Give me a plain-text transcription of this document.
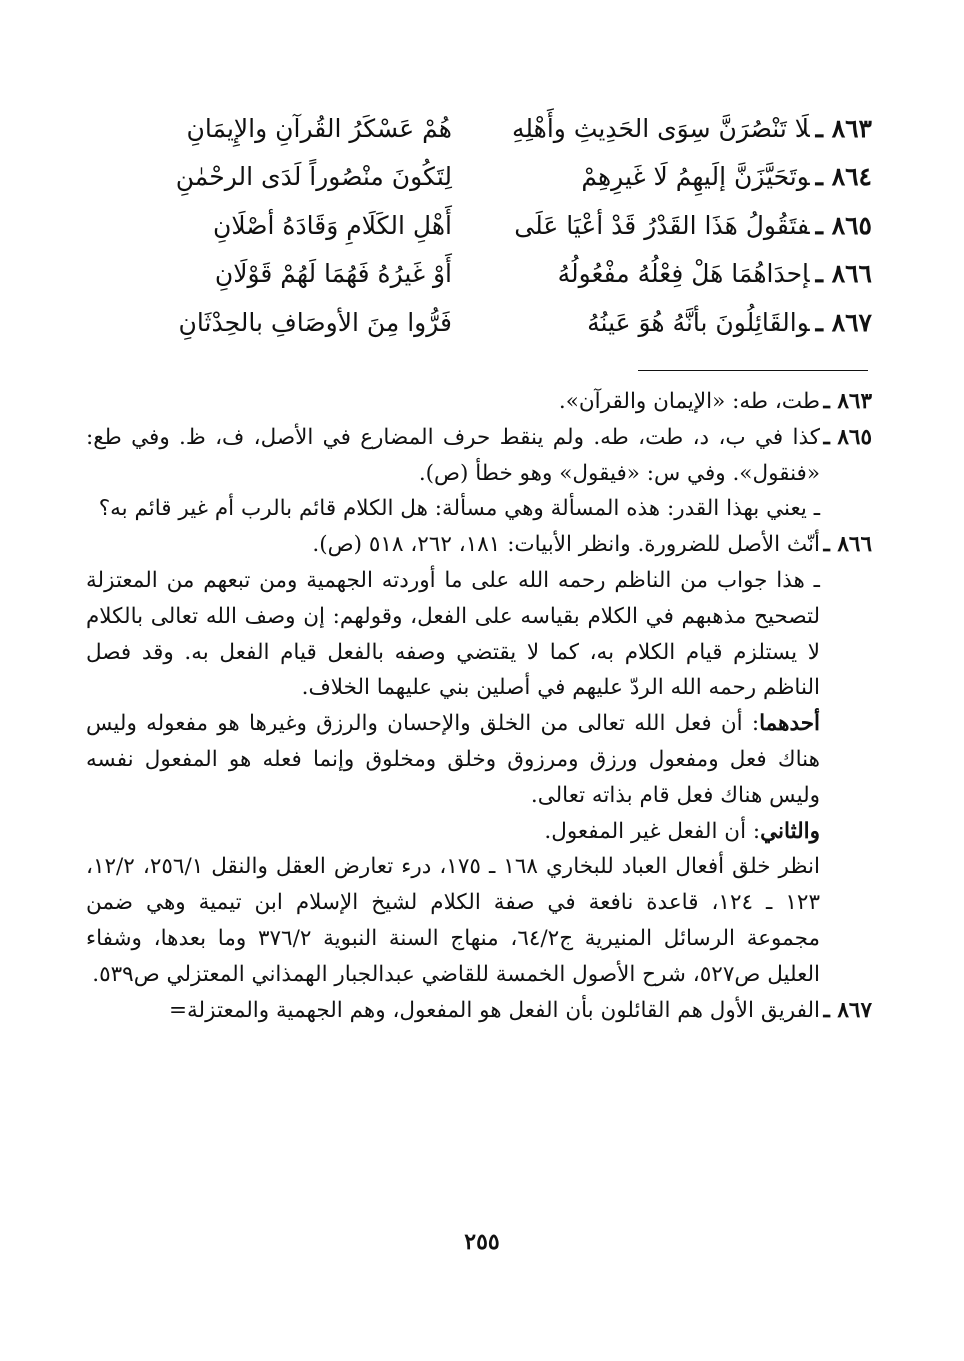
٨٦٣ ـلَا تَنْصُرَنَّ سِوَى الحَدِيثِ وأَهْلِهِ
هُمْ عَسْكَرُ القُرآنِ والإِيمَانِ
٨٦٤ ـوتَحَيَّزَنَّ إلَيهِمُ لَا غَيرِهِمْ
لِتَكُونَ منْصُوراً لَدَى الرحْمٰنِ
٨٦٥ ـفتَقُولُ هَذَا القَدْرُ قَدْ أعْيَا عَلَى
أَهْلِ الكَلَامِ وَقَادَهُ أصْلَانِ
٨٦٦ ـإحدَاهُمَا هَلْ فِعْلُهُ مفْعُولُهُ
أَوْ غَيرُهُ فَهُمَا لَهُمْ قَوْلَانِ
٨٦٧ ـوالقَائِلُونَ بأنَّهُ هُوَ عَينُهُ
فَرُّوا مِنَ الأوصَافِ بالحِدْثَانِ
٨٦٣ ـ

طت، طه: «الإيمان والقرآن».

٨٦٥ ـ

كذا في ب، د، طت، طه. ولم ينقط حرف المضارع في الأصل، ف، ظ. وفي طع: «فنقول». وفي س: «فيقول» وهو خطأ (ص).

ـ يعني بهذا القدر: هذه المسألة وهي مسألة: هل الكلام قائم بالرب أم غير قائم به؟

٨٦٦ ـ

أنّث الأصل للضرورة. وانظر الأبيات: ١٨١، ٢٦٢، ٥١٨ (ص).

ـ هذا جواب من الناظم رحمه الله على ما أوردته الجهمية ومن تبعهم من المعتزلة لتصحيح مذهبهم في الكلام بقياسه على الفعل، وقولهم: إن وصف الله تعالى بالكلام لا يستلزم قيام الكلام به، كما لا يقتضي وصفه بالفعل قيام الفعل به. وقد فصل الناظم رحمه الله الردّ عليهم في أصلين بني عليهما الخلاف.

أحدهما: أن فعل الله تعالى من الخلق والإحسان والرزق وغيرها هو مفعوله وليس هناك فعل ومفعول ورزق ومرزوق وخلق ومخلوق وإنما فعله هو المفعول نفسه وليس هناك فعل قام بذاته تعالى.

والثاني: أن الفعل غير المفعول.

انظر خلق أفعال العباد للبخاري ١٦٨ ـ ١٧٥، درء تعارض العقل والنقل ٢٥٦/١، ١٢/٢، ١٢٣ ـ ١٢٤، قاعدة نافعة في صفة الكلام لشيخ الإسلام ابن تيمية وهي ضمن مجموعة الرسائل المنيرية ج٦٤/٢، منهاج السنة النبوية ٣٧٦/٢ وما بعدها، وشفاء العليل ص٥٢٧، شرح الأصول الخمسة للقاضي عبدالجبار الهمذاني المعتزلي ص٥٣٩.

٨٦٧ ـ

الفريق الأول هم القائلون بأن الفعل هو المفعول، وهم الجهمية والمعتزلة=

٢٥٥
